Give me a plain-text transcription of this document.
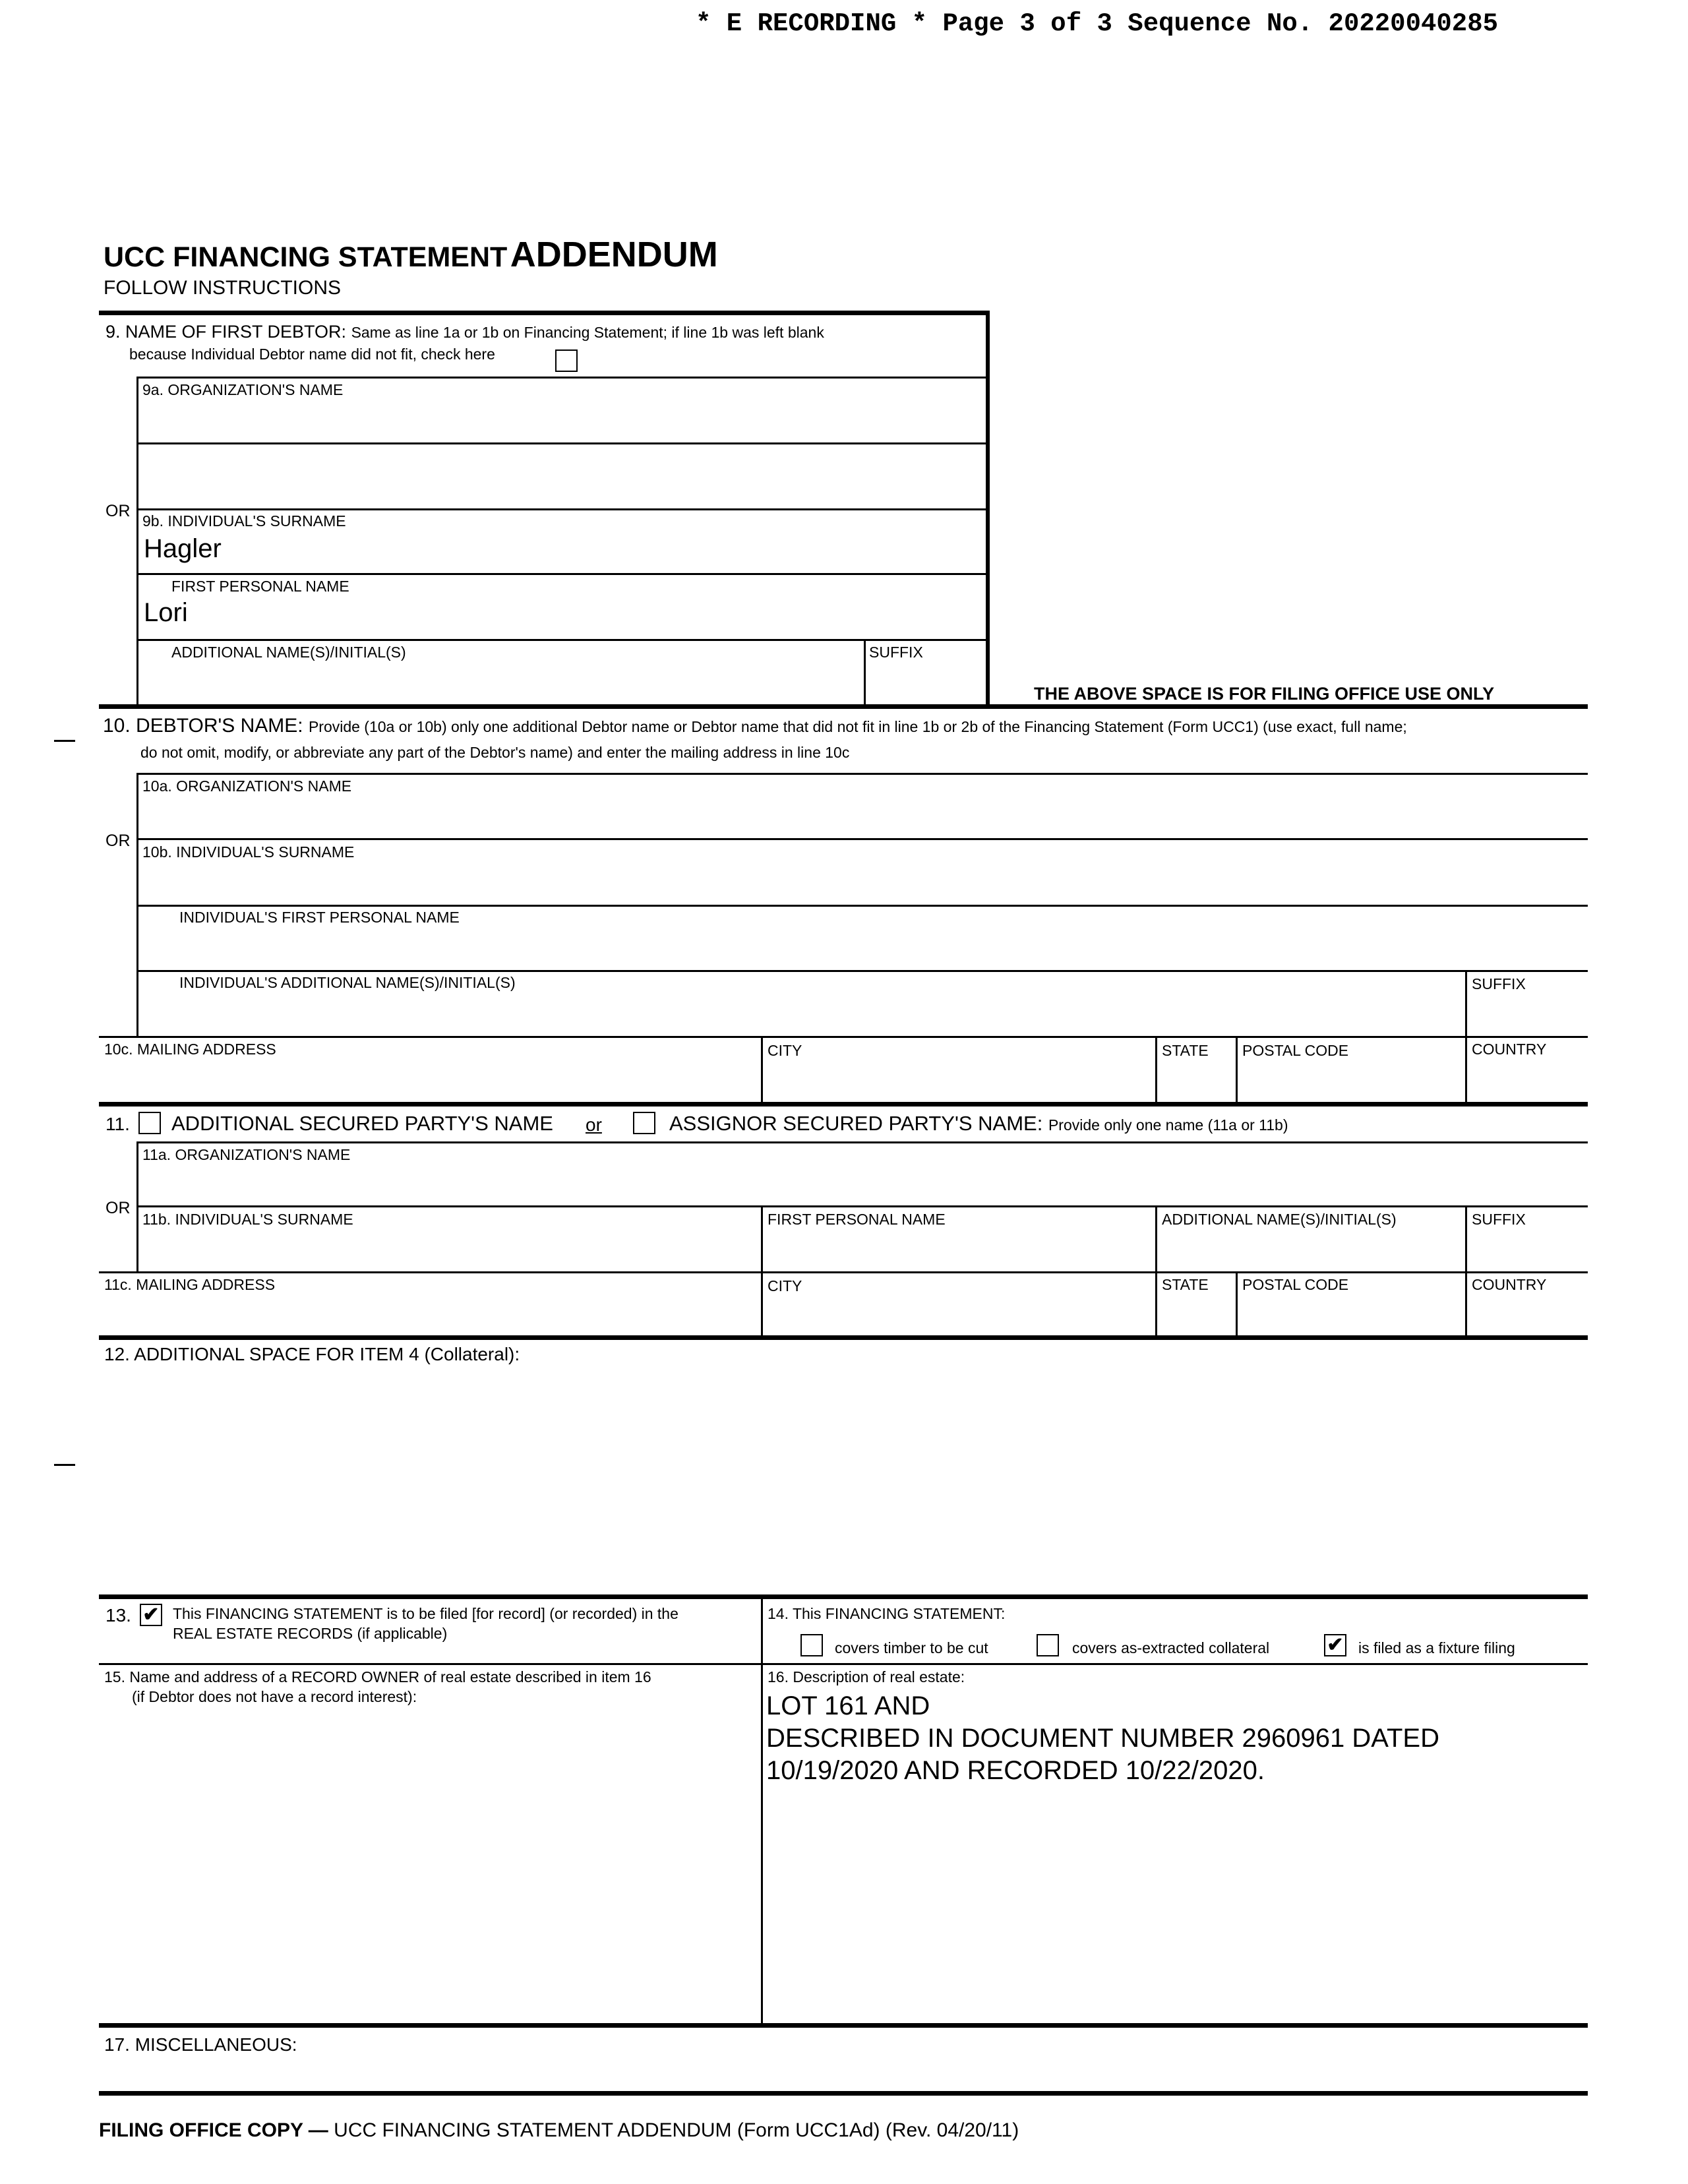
* E RECORDING * Page 3 of 3 Sequence No. 20220040285
UCC FINANCING STATEMENT ADDENDUM
FOLLOW INSTRUCTIONS
9. NAME OF FIRST DEBTOR: Same as line 1a or 1b on Financing Statement; if line 1b was left blank
because Individual Debtor name did not fit, check here
9a. ORGANIZATION'S NAME
OR
9b. INDIVIDUAL'S SURNAME
Hagler
FIRST PERSONAL NAME
Lori
ADDITIONAL NAME(S)/INITIAL(S)	SUFFIX
THE ABOVE SPACE IS FOR FILING OFFICE USE ONLY
10. DEBTOR'S NAME: Provide (10a or 10b) only one additional Debtor name or Debtor name that did not fit in line 1b or 2b of the Financing Statement (Form UCC1) (use exact, full name;
do not omit, modify, or abbreviate any part of the Debtor's name) and enter the mailing address in line 10c
10a. ORGANIZATION'S NAME
OR
10b. INDIVIDUAL'S SURNAME
INDIVIDUAL'S FIRST PERSONAL NAME
INDIVIDUAL'S ADDITIONAL NAME(S)/INITIAL(S)	SUFFIX
10c. MAILING ADDRESS	CITY	STATE POSTAL CODE	COUNTRY
11. ADDITIONAL SECURED PARTY'S NAME or	ASSIGNOR SECURED PARTY'S NAME: Provide only one name (11a or 11b)
11a. ORGANIZATION'S NAME
OR
11b. INDIVIDUAL'S SURNAME	FIRST PERSONAL NAME	ADDITIONAL NAME(S)/INITIAL(S)	SUFFIX
11c. MAILING ADDRESS	CITY	STATE POSTAL CODE	COUNTRY
12. ADDITIONAL SPACE FOR ITEM 4 (Collateral):
13. ✔ This FINANCING STATEMENT is to be filed [for record] (or recorded) in the
REAL ESTATE RECORDS (if applicable)
14. This FINANCING STATEMENT:
covers timber to be cut	covers as-extracted collateral	✔ is filed as a fixture filing
15. Name and address of a RECORD OWNER of real estate described in item 16
(if Debtor does not have a record interest):
16. Description of real estate:
LOT 161 AND
DESCRIBED IN DOCUMENT NUMBER 2960961 DATED
10/19/2020 AND RECORDED 10/22/2020.
17. MISCELLANEOUS:
FILING OFFICE COPY — UCC FINANCING STATEMENT ADDENDUM (Form UCC1Ad) (Rev. 04/20/11)
